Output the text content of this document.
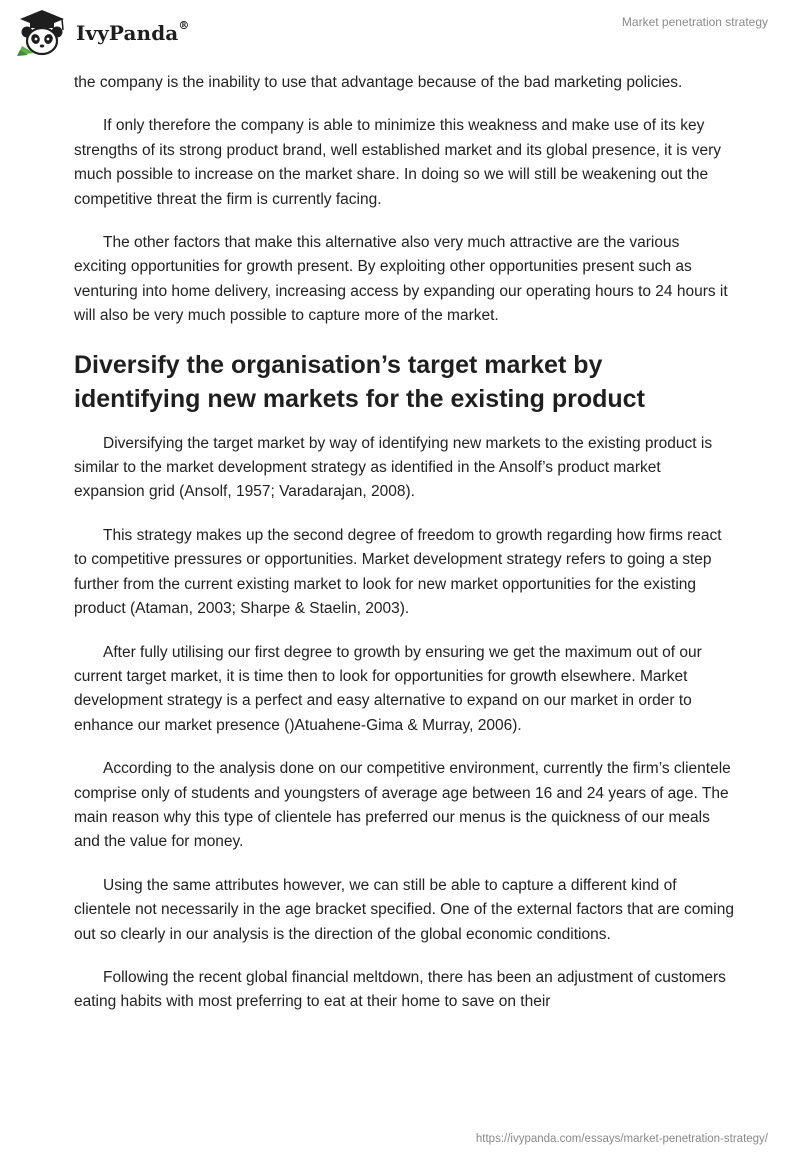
IvyPanda®	Market penetration strategy

the company is the inability to use that advantage because of the bad marketing policies.

If only therefore the company is able to minimize this weakness and make use of its key strengths of its strong product brand, well established market and its global presence, it is very much possible to increase on the market share. In doing so we will still be weakening out the competitive threat the firm is currently facing.

The other factors that make this alternative also very much attractive are the various exciting opportunities for growth present. By exploiting other opportunities present such as venturing into home delivery, increasing access by expanding our operating hours to 24 hours it will also be very much possible to capture more of the market.

Diversify the organisation’s target market by identifying new markets for the existing product

Diversifying the target market by way of identifying new markets to the existing product is similar to the market development strategy as identified in the Ansolf’s product market expansion grid (Ansolf, 1957; Varadarajan, 2008).

This strategy makes up the second degree of freedom to growth regarding how firms react to competitive pressures or opportunities. Market development strategy refers to going a step further from the current existing market to look for new market opportunities for the existing product (Ataman, 2003; Sharpe & Staelin, 2003).

After fully utilising our first degree to growth by ensuring we get the maximum out of our current target market, it is time then to look for opportunities for growth elsewhere. Market development strategy is a perfect and easy alternative to expand on our market in order to enhance our market presence ()Atuahene-Gima & Murray, 2006).

According to the analysis done on our competitive environment, currently the firm’s clientele comprise only of students and youngsters of average age between 16 and 24 years of age. The main reason why this type of clientele has preferred our menus is the quickness of our meals and the value for money.

Using the same attributes however, we can still be able to capture a different kind of clientele not necessarily in the age bracket specified. One of the external factors that are coming out so clearly in our analysis is the direction of the global economic conditions.

Following the recent global financial meltdown, there has been an adjustment of customers eating habits with most preferring to eat at their home to save on their

https://ivypanda.com/essays/market-penetration-strategy/
